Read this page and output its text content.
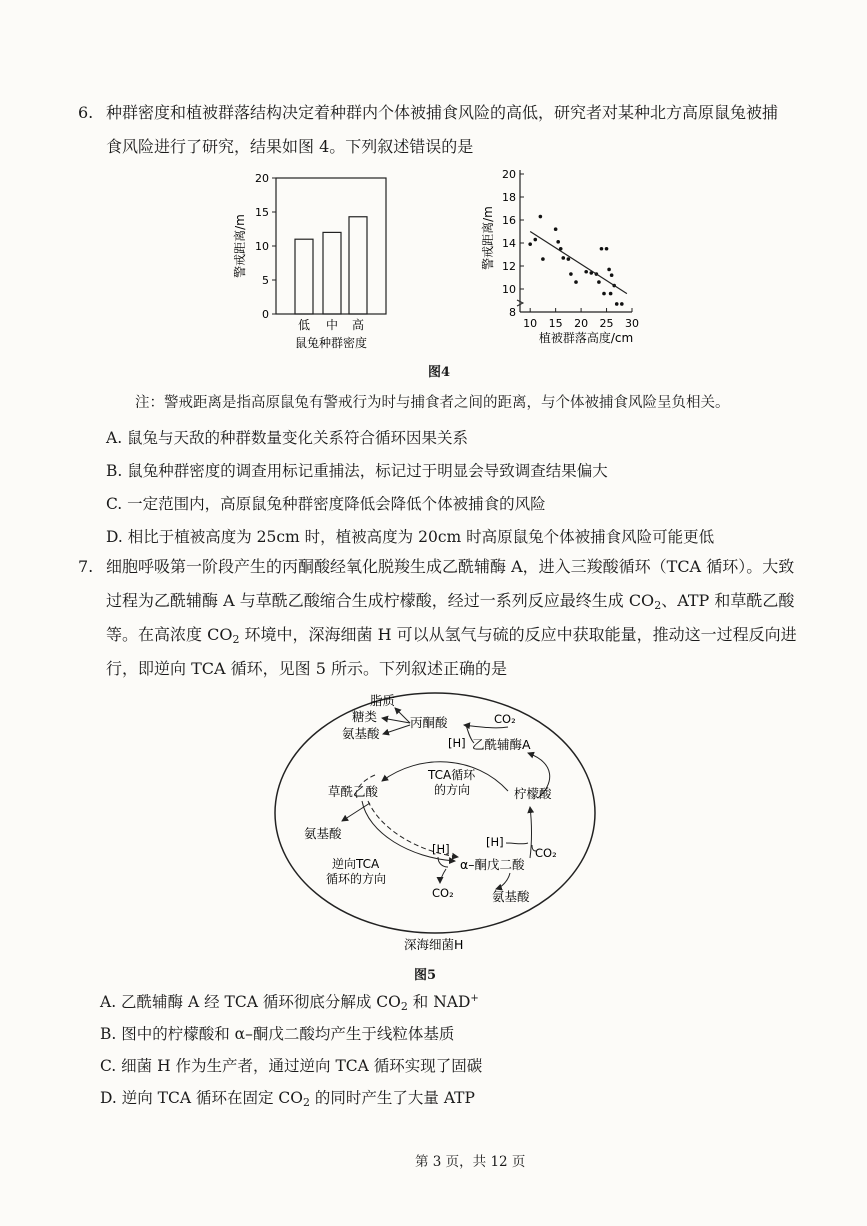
6. 种群密度和植被群落结构决定着种群内个体被捕食风险的高低，研究者对某种北方高原鼠兔被捕
食风险进行了研究，结果如图 4。下列叙述错误的是
0
5
10
15
20
低 中 高
鼠兔种群密度
警戒距离/m
8
10
12
14
16
18
20
10 15 20 25 30
植被群落高度/cm
警戒距离/m
图4
注：警戒距离是指高原鼠兔有警戒行为时与捕食者之间的距离，与个体被捕食风险呈负相关。
A. 鼠兔与天敌的种群数量变化关系符合循环因果关系
B. 鼠兔种群密度的调查用标记重捕法，标记过于明显会导致调查结果偏大
C. 一定范围内，高原鼠兔种群密度降低会降低个体被捕食的风险
D. 相比于植被高度为 25cm 时，植被高度为 20cm 时高原鼠兔个体被捕食风险可能更低
7. 细胞呼吸第一阶段产生的丙酮酸经氧化脱羧生成乙酰辅酶 A，进入三羧酸循环（TCA 循环）。大致
过程为乙酰辅酶 A 与草酰乙酸缩合生成柠檬酸，经过一系列反应最终生成 $CO_2$、ATP 和草酰乙酸
等。在高浓度 $CO_2$ 环境中，深海细菌 H 可以从氢气与硫的反应中获取能量，推动这一过程反向进
行，即逆向 TCA 循环，见图 5 所示。下列叙述正确的是
脂质
糖类
氨基酸
丙酮酸	CO₂
[H] 乙酰辅酶A
草酰乙酸
TCA循环
的方向	柠檬酸
氨基酸
逆向TCA
循环的方向
[H]
CO₂
α–酮戊二酸
[H]
CO₂
氨基酸
深海细菌H
图5
A. 乙酰辅酶 A 经 TCA 循环彻底分解成 $CO_2$ 和 NAD+
B. 图中的柠檬酸和 α–酮戊二酸均产生于线粒体基质
C. 细菌 H 作为生产者，通过逆向 TCA 循环实现了固碳
D. 逆向 TCA 循环在固定 $CO_2$ 的同时产生了大量 ATP
第 3 页，共 12 页
